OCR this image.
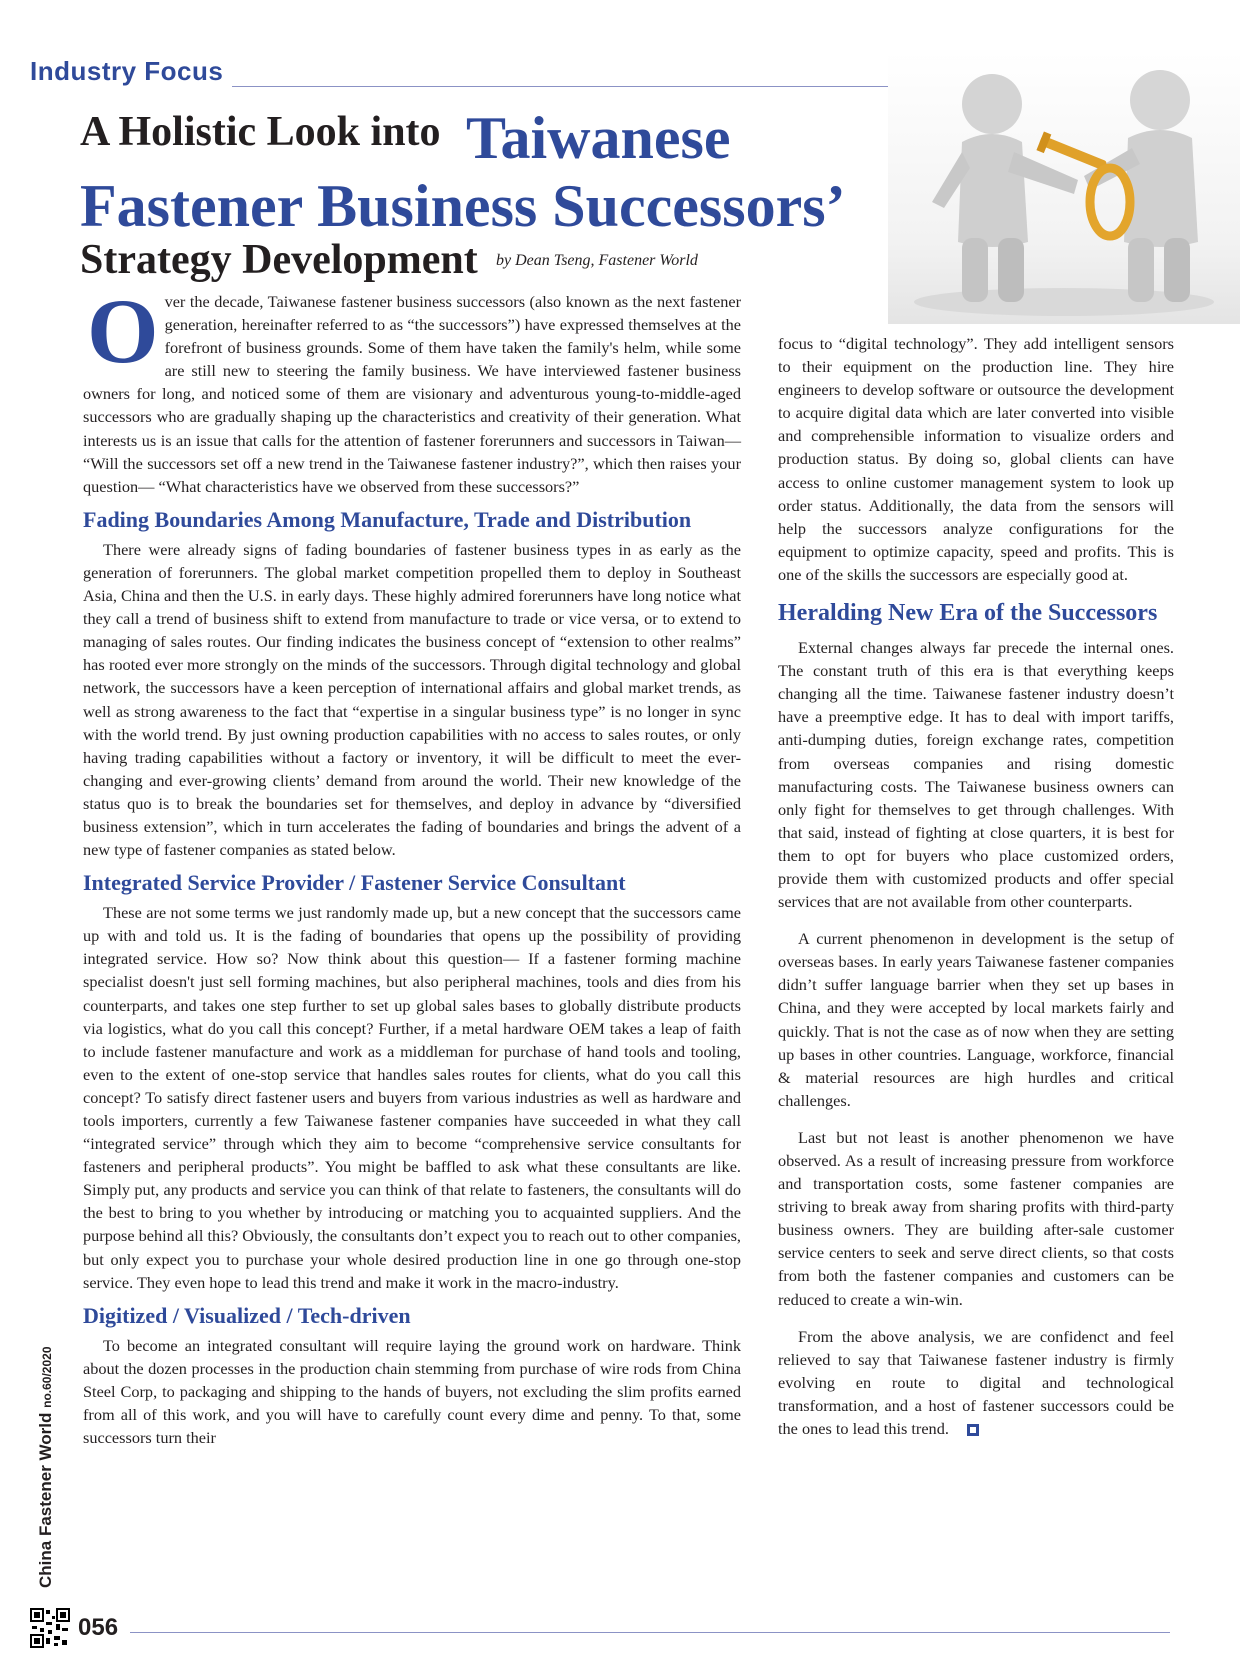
Industry Focus
A Holistic Look into Taiwanese
Fastener Business Successors’
Strategy Development by Dean Tseng, Fastener World

Over the decade, Taiwanese fastener business successors (also known as the next fastener generation, hereinafter referred to as “the successors”) have expressed themselves at the forefront of business grounds. Some of them have taken the family's helm, while some are still new to steering the family business. We have interviewed fastener business owners for long, and noticed some of them are visionary and adventurous young-to-middle-aged successors who are gradually shaping up the characteristics and creativity of their generation. What interests us is an issue that calls for the attention of fastener forerunners and successors in Taiwan— “Will the successors set off a new trend in the Taiwanese fastener industry?”, which then raises your question— “What characteristics have we observed from these successors?”

Fading Boundaries Among Manufacture, Trade and Distribution

There were already signs of fading boundaries of fastener business types in as early as the generation of forerunners. The global market competition propelled them to deploy in Southeast Asia, China and then the U.S. in early days. These highly admired forerunners have long notice what they call a trend of business shift to extend from manufacture to trade or vice versa, or to extend to managing of sales routes. Our finding indicates the business concept of “extension to other realms” has rooted ever more strongly on the minds of the successors. Through digital technology and global network, the successors have a keen perception of international affairs and global market trends, as well as strong awareness to the fact that “expertise in a singular business type” is no longer in sync with the world trend. By just owning production capabilities with no access to sales routes, or only having trading capabilities without a factory or inventory, it will be difficult to meet the ever-changing and ever-growing clients’ demand from around the world. Their new knowledge of the status quo is to break the boundaries set for themselves, and deploy in advance by “diversified business extension”, which in turn accelerates the fading of boundaries and brings the advent of a new type of fastener companies as stated below.

Integrated Service Provider / Fastener Service Consultant

These are not some terms we just randomly made up, but a new concept that the successors came up with and told us. It is the fading of boundaries that opens up the possibility of providing integrated service. How so? Now think about this question— If a fastener forming machine specialist doesn't just sell forming machines, but also peripheral machines, tools and dies from his counterparts, and takes one step further to set up global sales bases to globally distribute products via logistics, what do you call this concept? Further, if a metal hardware OEM takes a leap of faith to include fastener manufacture and work as a middleman for purchase of hand tools and tooling, even to the extent of one-stop service that handles sales routes for clients, what do you call this concept? To satisfy direct fastener users and buyers from various industries as well as hardware and tools importers, currently a few Taiwanese fastener companies have succeeded in what they call “integrated service” through which they aim to become “comprehensive service consultants for fasteners and peripheral products”. You might be baffled to ask what these consultants are like. Simply put, any products and service you can think of that relate to fasteners, the consultants will do the best to bring to you whether by introducing or matching you to acquainted suppliers. And the purpose behind all this? Obviously, the consultants don’t expect you to reach out to other companies, but only expect you to purchase your whole desired production line in one go through one-stop service. They even hope to lead this trend and make it work in the macro-industry.

Digitized / Visualized / Tech-driven

To become an integrated consultant will require laying the ground work on hardware. Think about the dozen processes in the production chain stemming from purchase of wire rods from China Steel Corp, to packaging and shipping to the hands of buyers, not excluding the slim profits earned from all of this work, and you will have to carefully count every dime and penny. To that, some successors turn their

focus to “digital technology”. They add intelligent sensors to their equipment on the production line. They hire engineers to develop software or outsource the development to acquire digital data which are later converted into visible and comprehensible information to visualize orders and production status. By doing so, global clients can have access to online customer management system to look up order status. Additionally, the data from the sensors will help the successors analyze configurations for the equipment to optimize capacity, speed and profits. This is one of the skills the successors are especially good at.

Heralding New Era of the Successors

External changes always far precede the internal ones. The constant truth of this era is that everything keeps changing all the time. Taiwanese fastener industry doesn’t have a preemptive edge. It has to deal with import tariffs, anti-dumping duties, foreign exchange rates, competition from overseas companies and rising domestic manufacturing costs. The Taiwanese business owners can only fight for themselves to get through challenges. With that said, instead of fighting at close quarters, it is best for them to opt for buyers who place customized orders, provide them with customized products and offer special services that are not available from other counterparts.

A current phenomenon in development is the setup of overseas bases. In early years Taiwanese fastener companies didn’t suffer language barrier when they set up bases in China, and they were accepted by local markets fairly and quickly. That is not the case as of now when they are setting up bases in other countries. Language, workforce, financial & material resources are high hurdles and critical challenges.

Last but not least is another phenomenon we have observed. As a result of increasing pressure from workforce and transportation costs, some fastener companies are striving to break away from sharing profits with third-party business owners. They are building after-sale customer service centers to seek and serve direct clients, so that costs from both the fastener companies and customers can be reduced to create a win-win.

From the above analysis, we are confidenct and feel relieved to say that Taiwanese fastener industry is firmly evolving en route to digital and technological transformation, and a host of fastener successors could be the ones to lead this trend.

China Fastener World no.60/2020
056
